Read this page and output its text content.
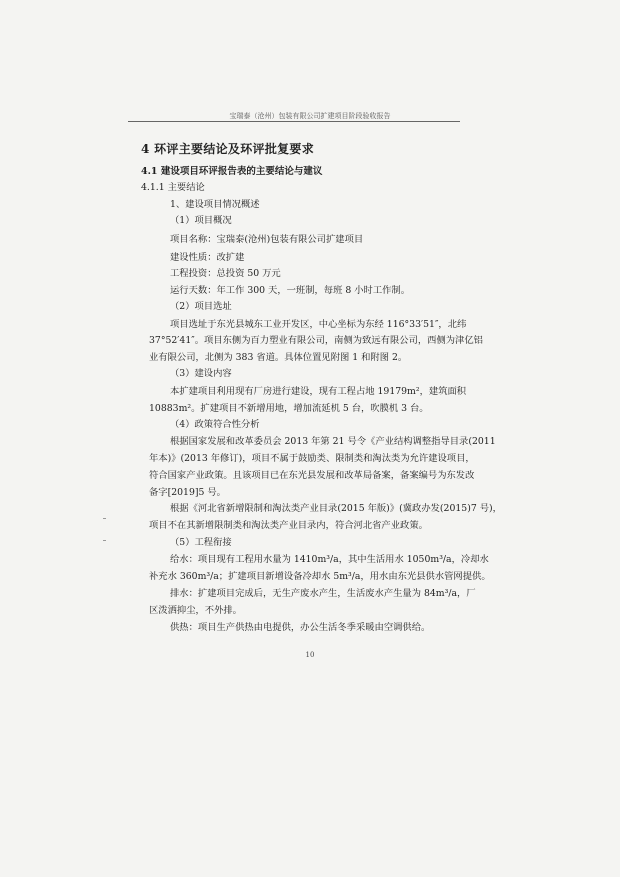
宝瑞泰（沧州）包装有限公司扩建项目阶段验收报告
4 环评主要结论及环评批复要求
4.1 建设项目环评报告表的主要结论与建议
4.1.1 主要结论
1、建设项目情况概述
（1）项目概况
项目名称：宝瑞泰(沧州)包装有限公司扩建项目
建设性质：改扩建
工程投资：总投资 50 万元
运行天数：年工作 300 天，一班制，每班 8 小时工作制。
（2）项目选址
项目选址于东光县城东工业开发区，中心坐标为东经 116°33′51″，北纬
37°52′41″。项目东侧为百力塑业有限公司，南侧为致远有限公司，西侧为津亿铝
业有限公司，北侧为 383 省道。具体位置见附图 1 和附图 2。
（3）建设内容
本扩建项目利用现有厂房进行建设，现有工程占地 19179m²，建筑面积
10883m²。扩建项目不新增用地，增加流延机 5 台，吹膜机 3 台。
（4）政策符合性分析
根据国家发展和改革委员会 2013 年第 21 号令《产业结构调整指导目录(2011
年本)》(2013 年修订)，项目不属于鼓励类、限制类和淘汰类为允许建设项目，
符合国家产业政策。且该项目已在东光县发展和改革局备案，备案编号为东发改
备字[2019]5 号。
根据《河北省新增限制和淘汰类产业目录(2015 年版)》(冀政办发(2015)7 号)，
项目不在其新增限制类和淘汰类产业目录内，符合河北省产业政策。
（5）工程衔接
给水：项目现有工程用水量为 1410m³/a，其中生活用水 1050m³/a，冷却水
补充水 360m³/a；扩建项目新增设备冷却水 5m³/a，用水由东光县供水管网提供。
排水：扩建项目完成后，无生产废水产生，生活废水产生量为 84m³/a，厂
区泼洒抑尘，不外排。
供热：项目生产供热由电提供，办公生活冬季采暖由空调供给。
10
